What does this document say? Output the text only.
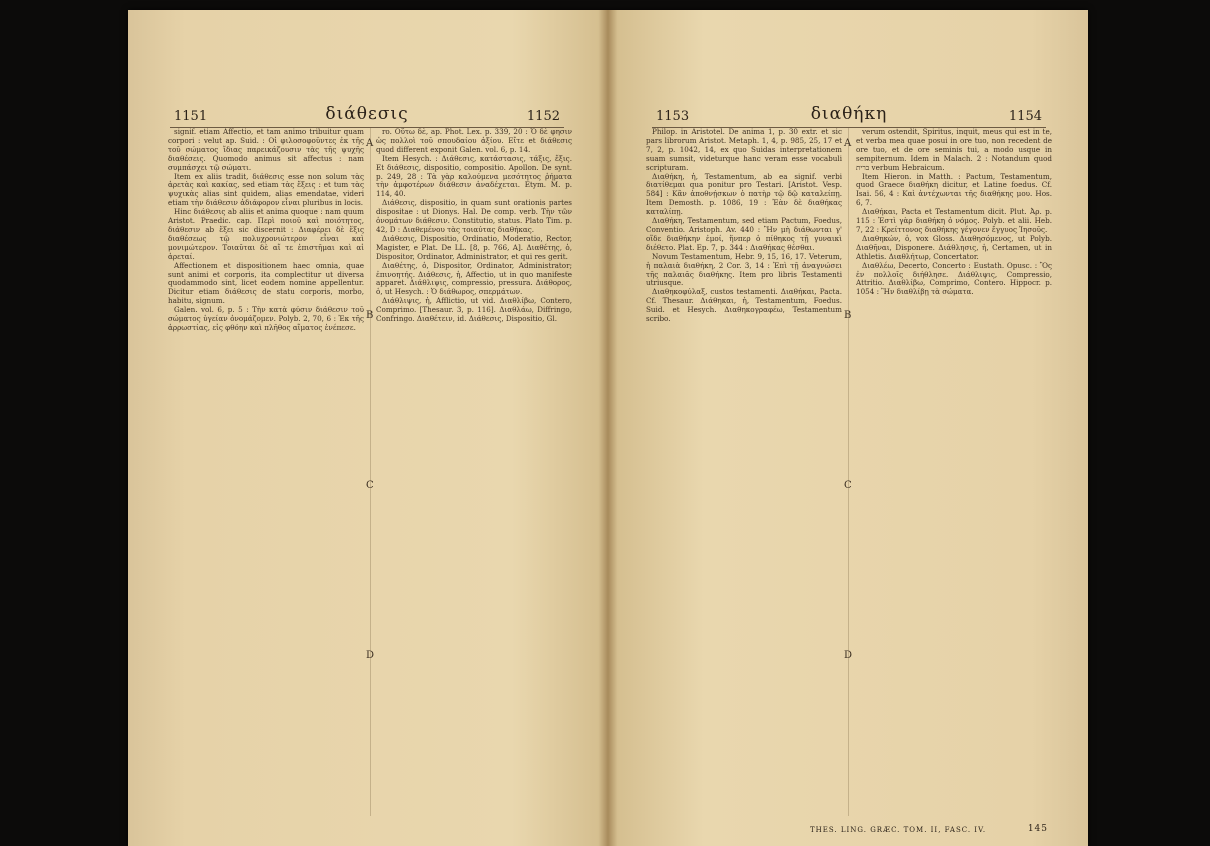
1151	διάθεσις	1152

signif. etiam Affectio, et tam animo tribuitur quam corpori : velut ap. Suid. : Οἱ φιλοσοφοῦντες ἐκ τῆς τοῦ σώματος ἴδιας παρεικάζουσιν τὰς τῆς ψυχῆς διαθέσεις. Quomodo animus sit affectus : nam συμπάσχει τῷ σώματι.

Item ex aliis tradit, διάθεσις esse non solum τὰς ἀρετὰς καὶ κακίας, sed etiam τὰς ἕξεις : et tum τὰς ψυχικὰς alias sint quidem, alias emendatae, videri etiam τὴν διάθεσιν ἀδιάφορον εἶναι pluribus in locis.

Hinc διάθεσις ab aliis et anima quoque : nam quum Aristot. Praedic. cap. Περὶ ποιοῦ καὶ ποιότητος, διάθεσιν ab ἕξει sic discernit : Διαφέρει δὲ ἕξις διαθέσεως τῷ πολυχρονιώτερον εἶναι καὶ μονιμώτερον. Τοιαῦται δὲ αἵ τε ἐπιστῆμαι καὶ αἱ ἀρεταί.

Affectionem et dispositionem haec omnia, quae sunt animi et corporis, ita complectitur ut diversa quodammodo sint, licet eodem nomine appellentur. Dicitur etiam διάθεσις de statu corporis, morbo, habitu, signum.

Galen. vol. 6, p. 5 : Τὴν κατὰ φύσιν διάθεσιν τοῦ σώματος ὑγείαν ὀνομάζομεν. Polyb. 2, 70, 6 : Ἐκ τῆς ἀρρωστίας, εἰς φθόην καὶ πλῆθος αἵματος ἐνέπεσε.

A
B
C
D

ro. Οὕτω δὲ, ap. Phot. Lex. p. 339, 20 : Ὁ δὲ φησιν ὡς πολλοὶ τοῦ σπουδαίου ἀξίου. Εἴτε et διάθεσις quod different exponit Galen. vol. 6, p. 14.

Item Hesych. : Διάθεσις, κατάστασις, τάξις, ἕξις. Et διάθεσις, dispositio, compositio. Apollon. De synt. p. 249, 28 : Τὰ γὰρ καλούμενα μεσότητος ῥήματα τὴν ἀμφοτέρων διάθεσιν ἀναδέχεται. Etym. M. p. 114, 40.

Διάθεσις, dispositio, in quam sunt orationis partes dispositae : ut Dionys. Hal. De comp. verb. Τὴν τῶν ὀνομάτων διάθεσιν. Constitutio, status. Plato Tim. p. 42, D : Διαθεμένου τὰς τοιαύτας διαθήκας.

Διάθεσις, Dispositio, Ordinatio, Moderatio, Rector, Magister, e Plat. De LL. [8, p. 766, A]. Διαθέτης, ὁ, Dispositor, Ordinator, Administrator, et qui res gerit.

Διαθέτης, ὁ, Dispositor, Ordinator, Administrator; ἐπινοητής. Διάθεσις, ἡ, Affectio, ut in quo manifeste apparet. Διάθλιψις, compressio, pressura. Διάθορος, ὁ, ut Hesych. : Ὁ διάθωρος, σπερμάτων.

Διάθλιψις, ἡ, Afflictio, ut vid. Διαθλίβω, Contero, Comprimo. [Thesaur. 3, p. 116]. Διαθλάω, Diffringo, Confringo. Διαθέτειν, id. Διάθεσις, Dispositio, Gl.

1153	διαθήκη	1154

Philop. in Aristotel. De anima 1, p. 30 extr. et sic pars librorum Aristot. Metaph. 1, 4, p. 985, 25, 17 et 7, 2, p. 1042, 14, ex quo Suidas interpretationem suam sumsit, videturque hanc veram esse vocabuli scripturam.

Διαθήκη, ἡ, Testamentum, ab ea signif. verbi διατίθεμαι qua ponitur pro Testari. [Aristot. Vesp. 584] : Κἂν ἀποθνῄσκων ὁ πατὴρ τῷ δῷ καταλείπῃ. Item Demosth. p. 1086, 19 : Ἐὰν δὲ διαθήκας καταλίπῃ.

Διαθήκη, Testamentum, sed etiam Pactum, Foedus, Conventio. Aristoph. Av. 440 : Ἢν μὴ διάθωνται γ' οἵδε διαθήκην ἐμοί, ἥνπερ ὁ πίθηκος τῇ γυναικὶ διέθετο. Plat. Ep. 7, p. 344 : Διαθήκας θέσθαι.

Novum Testamentum, Hebr. 9, 15, 16, 17. Veterum, ἡ παλαιὰ διαθήκη, 2 Cor. 3, 14 : Ἐπὶ τῇ ἀναγνώσει τῆς παλαιᾶς διαθήκης. Item pro libris Testamenti utriusque.

Διαθηκοφύλαξ, custos testamenti. Διαθήκαι, Pacta. Cf. Thesaur. Διάθηκαι, ἡ, Testamentum, Foedus. Suid. et Hesych. Διαθηκογραφέω, Testamentum scribo.

A
B
C
D

verum ostendit, Spiritus, inquit, meus qui est in te, et verba mea quae posui in ore tuo, non recedent de ore tuo, et de ore seminis tui, a modo usque in sempiternum. Idem in Malach. 2 : Notandum quod ברית verbum Hebraicum.

Item Hieron. in Matth. : Pactum, Testamentum, quod Graece διαθήκη dicitur, et Latine foedus. Cf. Isai. 56, 4 : Καὶ ἀντέχωνται τῆς διαθήκης μου. Hos. 6, 7.

Διαθήκαι, Pacta et Testamentum dicit. Plut. Ἀρ. p. 115 : Ἐστὶ γὰρ διαθήκη ὁ νόμος. Polyb. et alii. Heb. 7, 22 : Κρείττονος διαθήκης γέγονεν ἔγγυος Ἰησοῦς.

Διαθηκών, ὁ, vox Gloss. Διαθησόμενος, ut Polyb. Διαθῆναι, Disponere. Διάθλησις, ἡ, Certamen, ut in Athletis. Διαθλήτωρ, Concertator.

Διαθλέω, Decerto, Concerto : Eustath. Opusc. : Ὃς ἐν πολλοῖς διήθλησε. Διάθλιψις, Compressio, Attritio. Διαθλίβω, Comprimo, Contero. Hippocr. p. 1054 : Ἢν διαθλίβῃ τὰ σώματα.

THES. LING. GRÆC. TOM. II, FASC. IV.	145
